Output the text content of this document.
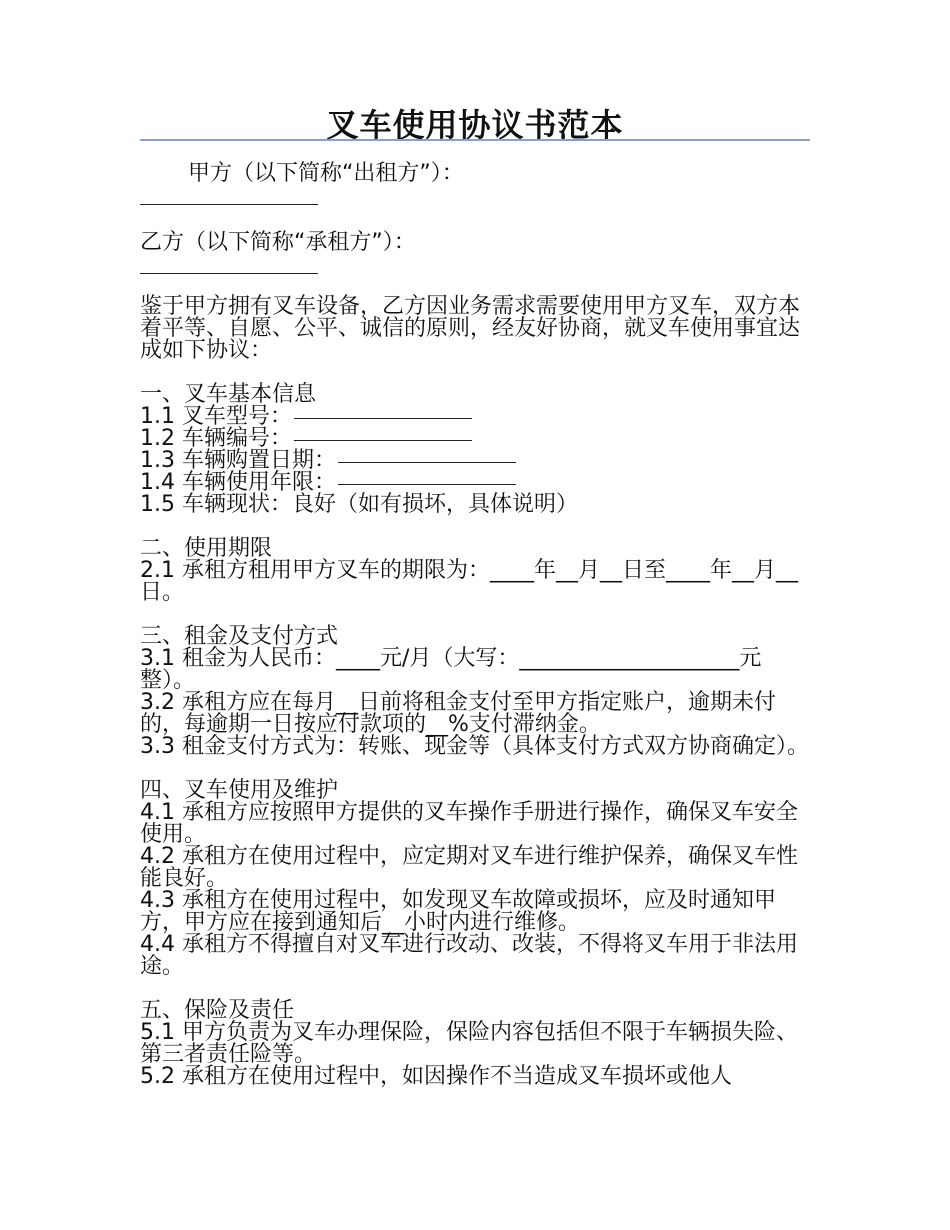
叉车使用协议书范本

甲方（以下简称“出租方”）：

乙方（以下简称“承租方”）：

鉴于甲方拥有叉车设备，乙方因业务需求需要使用甲方叉车，双方本着平等、自愿、公平、诚信的原则，经友好协商，就叉车使用事宜达成如下协议：

一、叉车基本信息

1.1 叉车型号：

1.2 车辆编号：

1.3 车辆购置日期：

1.4 车辆使用年限：

1.5 车辆现状：良好（如有损坏，具体说明）

二、使用期限

2.1 承租方租用甲方叉车的期限为：____年__月__日至____年__月__日。

三、租金及支付方式

3.1 租金为人民币：____元/月（大写：____________________元整）。

3.2 承租方应在每月__日前将租金支付至甲方指定账户，逾期未付的，每逾期一日按应付款项的__%支付滞纳金。

3.3 租金支付方式为：转账、现金等（具体支付方式双方协商确定）。

四、叉车使用及维护

4.1 承租方应按照甲方提供的叉车操作手册进行操作，确保叉车安全使用。

4.2 承租方在使用过程中，应定期对叉车进行维护保养，确保叉车性能良好。

4.3 承租方在使用过程中，如发现叉车故障或损坏，应及时通知甲方，甲方应在接到通知后__小时内进行维修。

4.4 承租方不得擅自对叉车进行改动、改装，不得将叉车用于非法用途。

五、保险及责任

5.1 甲方负责为叉车办理保险，保险内容包括但不限于车辆损失险、第三者责任险等。

5.2 承租方在使用过程中，如因操作不当造成叉车损坏或他人
